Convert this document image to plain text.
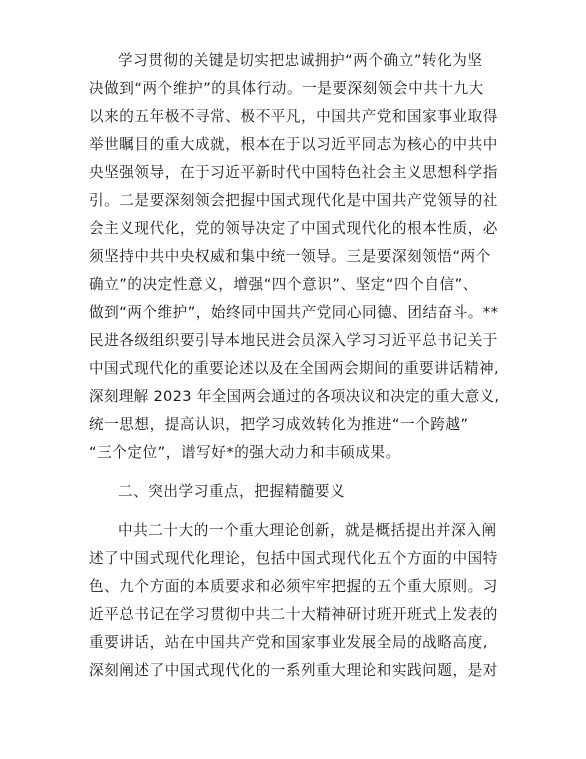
学习贯彻的关键是切实把忠诚拥护“两个确立”转化为坚
决做到“两个维护”的具体行动。一是要深刻领会中共十九大
以来的五年极不寻常、极不平凡，中国共产党和国家事业取得
举世瞩目的重大成就，根本在于以习近平同志为核心的中共中
央坚强领导，在于习近平新时代中国特色社会主义思想科学指
引。二是要深刻领会把握中国式现代化是中国共产党领导的社
会主义现代化，党的领导决定了中国式现代化的根本性质，必
须坚持中共中央权威和集中统一领导。三是要深刻领悟“两个
确立”的决定性意义，增强“四个意识”、坚定“四个自信”、
做到“两个维护”，始终同中国共产党同心同德、团结奋斗。**
民进各级组织要引导本地民进会员深入学习习近平总书记关于
中国式现代化的重要论述以及在全国两会期间的重要讲话精神,
深刻理解 2023 年全国两会通过的各项决议和决定的重大意义,
统一思想，提高认识，把学习成效转化为推进“一个跨越”
“三个定位”，谱写好*的强大动力和丰硕成果。
二、突出学习重点，把握精髓要义
中共二十大的一个重大理论创新，就是概括提出并深入阐
述了中国式现代化理论，包括中国式现代化五个方面的中国特
色、九个方面的本质要求和必须牢牢把握的五个重大原则。习
近平总书记在学习贯彻中共二十大精神研讨班开班式上发表的
重要讲话，站在中国共产党和国家事业发展全局的战略高度,
深刻阐述了中国式现代化的一系列重大理论和实践问题，是对
